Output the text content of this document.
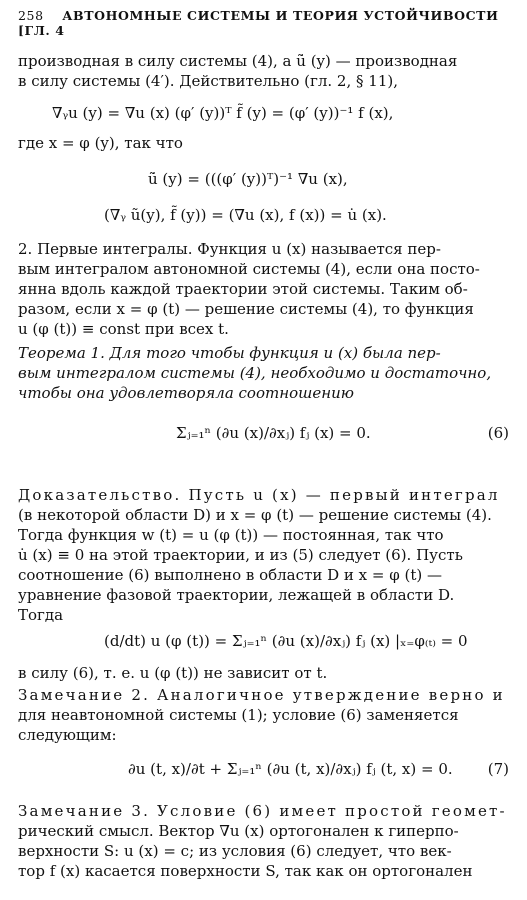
258 АВТОНОМНЫЕ СИСТЕМЫ И ТЕОРИЯ УСТОЙЧИВОСТИ [ГЛ. 4
производная в силу системы (4), а ũ̇ (y) — производная
в силу системы (4′). Действительно (гл. 2, § 11),
∇ᵧu (y) = ∇u (x) (φ′ (y))ᵀ f̃ (y) = (φ′ (y))⁻¹ f (x),
где x = φ (y), так что
ũ̇ (y) = (((φ′ (y))ᵀ)⁻¹ ∇u (x),
(∇ᵧ ũ(y), f̃ (y)) = (∇u (x), f (x)) = u̇ (x).
2. Первые интегралы. Функция u (x) называется пер-
вым интегралом автономной системы (4), если она посто-
янна вдоль каждой траектории этой системы. Таким об-
разом, если x = φ (t) — решение системы (4), то функция
u (φ (t)) ≡ const при всех t.
Теорема 1. Для того чтобы функция u (x) была пер-
вым интегралом системы (4), необходимо и достаточно,
чтобы она удовлетворяла соотношению
Σⱼ₌₁ⁿ (∂u (x)/∂xⱼ) fⱼ (x) = 0.	(6)
Доказательство. Пусть u (x) — первый интеграл
(в некоторой области D) и x = φ (t) — решение системы (4).
Тогда функция w (t) = u (φ (t)) — постоянная, так что
u̇ (x) ≡ 0 на этой траектории, и из (5) следует (6). Пусть
соотношение (6) выполнено в области D и x = φ (t) —
уравнение фазовой траектории, лежащей в области D.
Тогда
(d/dt) u (φ (t)) = Σⱼ₌₁ⁿ (∂u (x)/∂xⱼ) fⱼ (x) |ₓ₌φ₍ₜ₎ = 0
в силу (6), т. е. u (φ (t)) не зависит от t.
Замечание 2. Аналогичное утверждение верно и
для неавтономной системы (1); условие (6) заменяется
следующим:
∂u (t, x)/∂t + Σⱼ₌₁ⁿ (∂u (t, x)/∂xⱼ) fⱼ (t, x) = 0. (7)
Замечание 3. Условие (6) имеет простой геомет-
рический смысл. Вектор ∇u (x) ортогонален к гиперпо-
верхности S: u (x) = c; из условия (6) следует, что век-
тор f (x) касается поверхности S, так как он ортогонален
